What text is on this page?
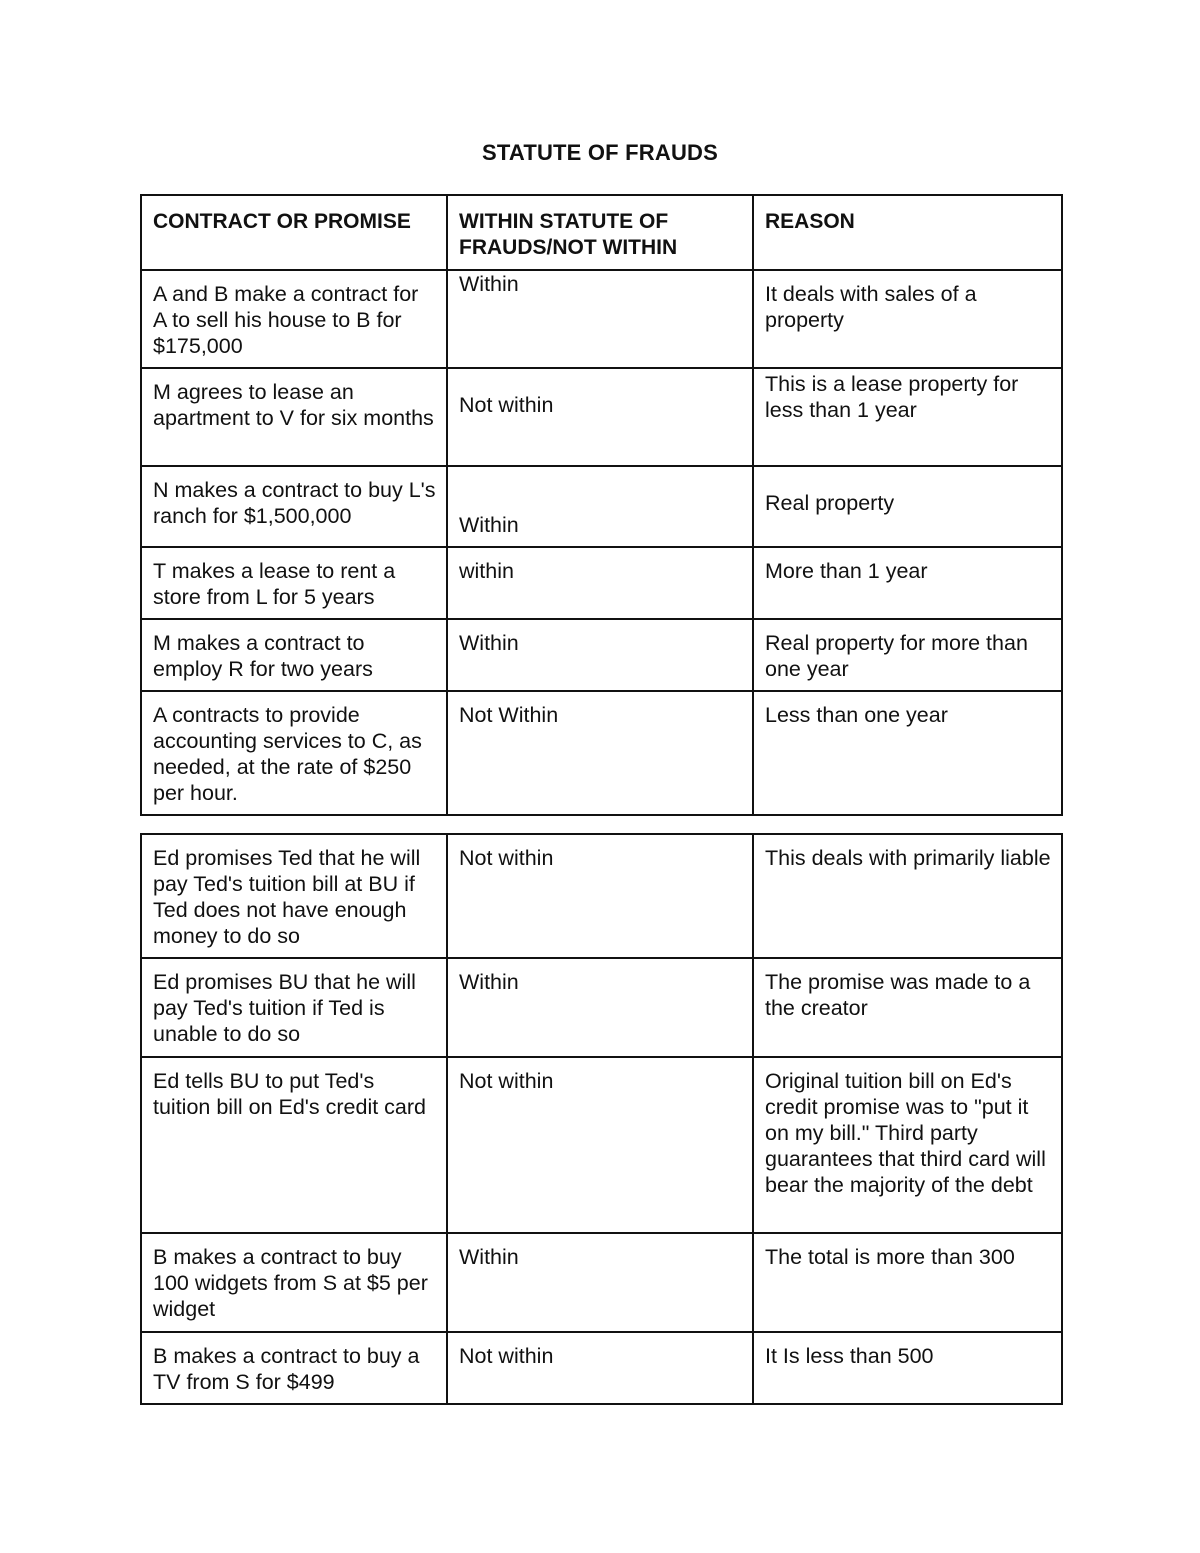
STATUTE OF FRAUDS
CONTRACT OR PROMISE	WITHIN STATUTE OF FRAUDS/NOT WITHIN	REASON
A and B make a contract for A to sell his house to B for $175,000	Within	It deals with sales of a property
M agrees to lease an apartment to V for six months	Not within	This is a lease property for less than 1 year
N makes a contract to buy L's ranch for $1,500,000	Within	Real property
T makes a lease to rent a store from L for 5 years	within	More than 1 year
M makes a contract to employ R for two years	Within	Real property for more than one year
A contracts to provide accounting services to C, as needed, at the rate of $250 per hour.	Not Within	Less than one year
Ed promises Ted that he will pay Ted's tuition bill at BU if Ted does not have enough money to do so	Not within	This deals with primarily liable
Ed promises BU that he will pay Ted's tuition if Ted is unable to do so	Within	The promise was made to a the creator
Ed tells BU to put Ted's tuition bill on Ed's credit card	Not within	Original tuition bill on Ed's credit promise was to "put it on my bill." Third party guarantees that third card will bear the majority of the debt
B makes a contract to buy 100 widgets from S at $5 per widget	Within	The total is more than 300
B makes a contract to buy a TV from S for $499	Not within	It Is less than 500
